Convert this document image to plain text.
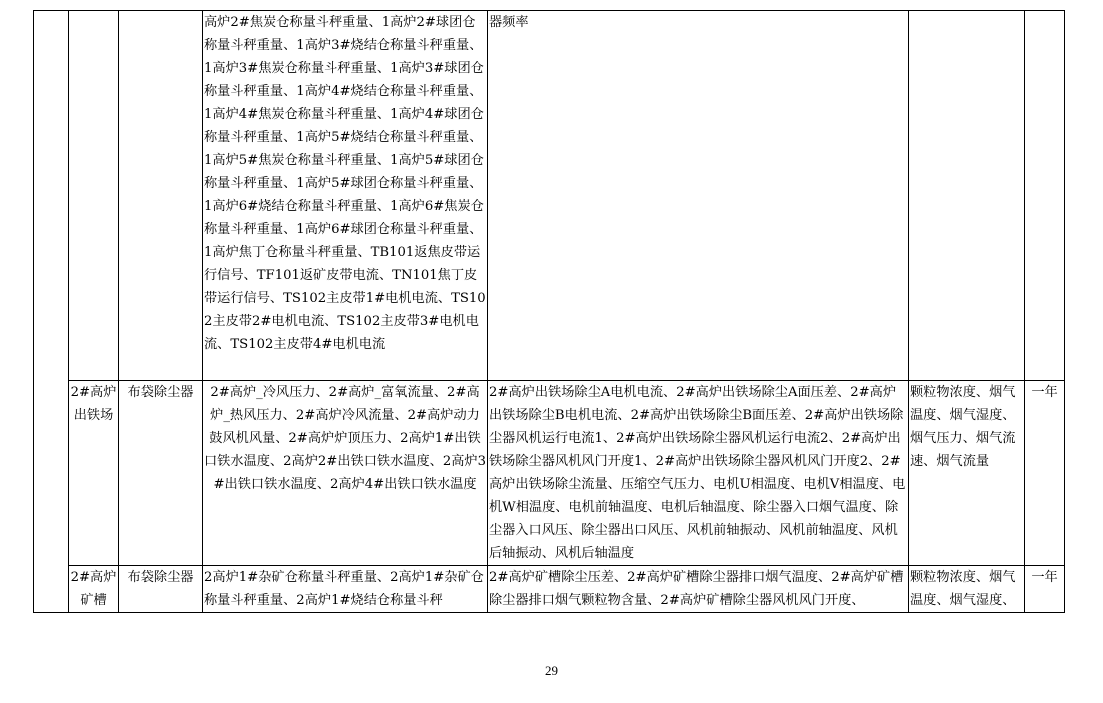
			高炉2#焦炭仓称量斗秤重量、1高炉2#球团仓称量斗秤重量、1高炉3#烧结仓称量斗秤重量、1高炉3#焦炭仓称量斗秤重量、1高炉3#球团仓称量斗秤重量、1高炉4#烧结仓称量斗秤重量、1高炉4#焦炭仓称量斗秤重量、1高炉4#球团仓称量斗秤重量、1高炉5#烧结仓称量斗秤重量、1高炉5#焦炭仓称量斗秤重量、1高炉5#球团仓称量斗秤重量、1高炉5#球团仓称量斗秤重量、1高炉6#烧结仓称量斗秤重量、1高炉6#焦炭仓称量斗秤重量、1高炉6#球团仓称量斗秤重量、1高炉焦丁仓称量斗秤重量、TB101返焦皮带运行信号、TF101返矿皮带电流、TN101焦丁皮带运行信号、TS102主皮带1#电机电流、TS102主皮带2#电机电流、TS102主皮带3#电机电流、TS102主皮带4#电机电流	器频率		
	2#高炉出铁场	布袋除尘器	2#高炉_冷风压力、2#高炉_富氧流量、2#高炉_热风压力、2#高炉冷风流量、2#高炉动力鼓风机风量、2#高炉炉顶压力、2高炉1#出铁口铁水温度、2高炉2#出铁口铁水温度、2高炉3#出铁口铁水温度、2高炉4#出铁口铁水温度	2#高炉出铁场除尘A电机电流、2#高炉出铁场除尘A面压差、2#高炉出铁场除尘B电机电流、2#高炉出铁场除尘B面压差、2#高炉出铁场除尘器风机运行电流1、2#高炉出铁场除尘器风机运行电流2、2#高炉出铁场除尘器风机风门开度1、2#高炉出铁场除尘器风机风门开度2、2#高炉出铁场除尘流量、压缩空气压力、电机U相温度、电机V相温度、电机W相温度、电机前轴温度、电机后轴温度、除尘器入口烟气温度、除尘器入口风压、除尘器出口风压、风机前轴振动、风机前轴温度、风机后轴振动、风机后轴温度	颗粒物浓度、烟气温度、烟气湿度、烟气压力、烟气流速、烟气流量	一年
	2#高炉矿槽	布袋除尘器	2高炉1#杂矿仓称量斗秤重量、2高炉1#杂矿仓称量斗秤重量、2高炉1#烧结仓称量斗秤	2#高炉矿槽除尘压差、2#高炉矿槽除尘器排口烟气温度、2#高炉矿槽除尘器排口烟气颗粒物含量、2#高炉矿槽除尘器风机风门开度、	颗粒物浓度、烟气温度、烟气湿度、	一年
29
